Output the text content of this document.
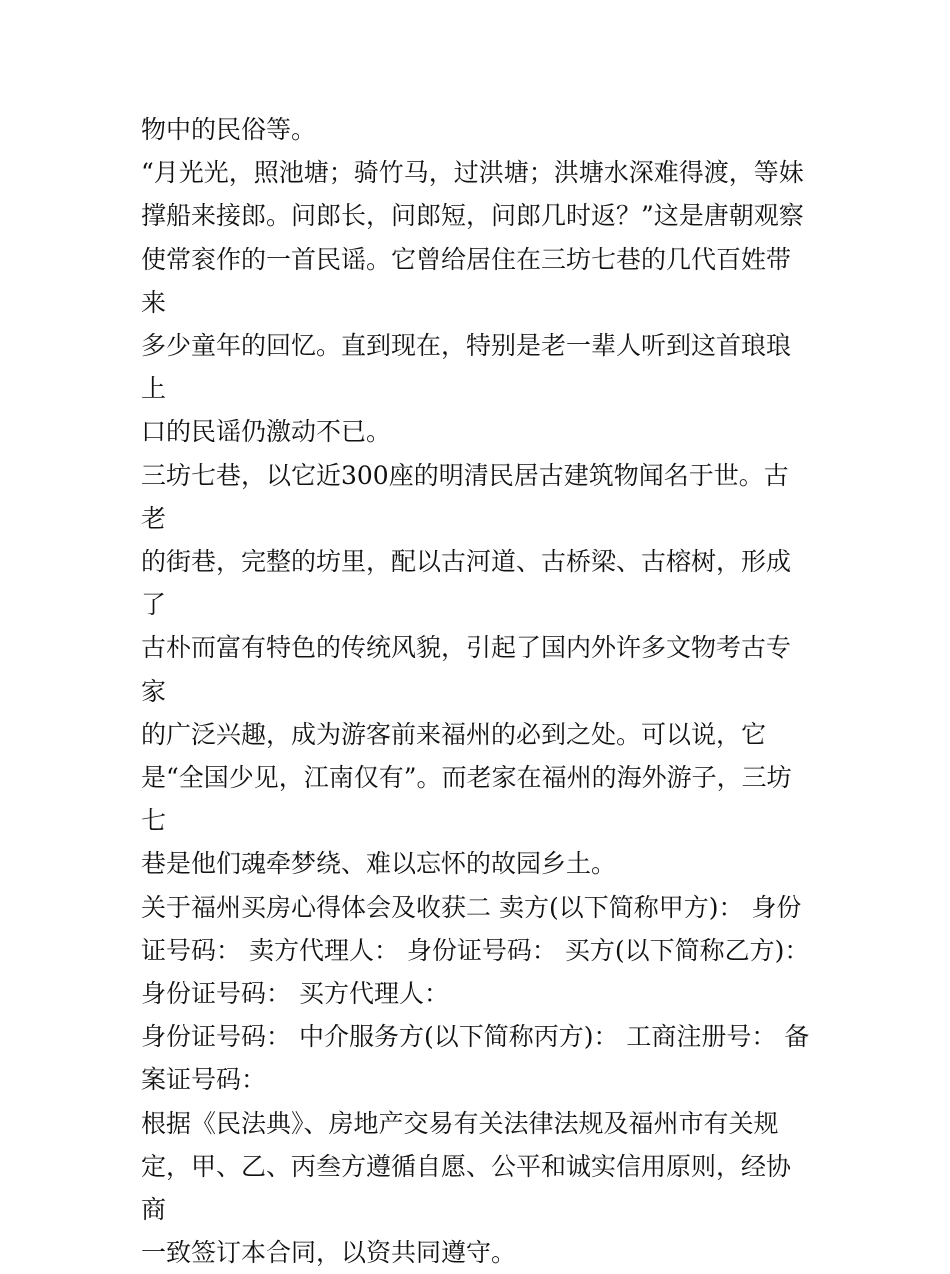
物中的民俗等。

“月光光，照池塘；骑竹马，过洪塘；洪塘水深难得渡，等妹
撑船来接郎。问郎长，问郎短，问郎几时返？”这是唐朝观察
使常衮作的一首民谣。它曾给居住在三坊七巷的几代百姓带来
多少童年的回忆。直到现在，特别是老一辈人听到这首琅琅上
口的民谣仍激动不已。

三坊七巷，以它近300座的明清民居古建筑物闻名于世。古老
的街巷，完整的坊里，配以古河道、古桥梁、古榕树，形成了
古朴而富有特色的传统风貌，引起了国内外许多文物考古专家
的广泛兴趣，成为游客前来福州的必到之处。可以说，它
是“全国少见，江南仅有”。而老家在福州的海外游子，三坊七
巷是他们魂牵梦绕、难以忘怀的故园乡土。

关于福州买房心得体会及收获二 卖方(以下简称甲方)： 身份
证号码： 卖方代理人： 身份证号码： 买方(以下简称乙方)：
身份证号码： 买方代理人：

身份证号码： 中介服务方(以下简称丙方)： 工商注册号： 备
案证号码：

根据《民法典》、房地产交易有关法律法规及福州市有关规
定，甲、乙、丙叁方遵循自愿、公平和诚实信用原则，经协商
一致签订本合同，以资共同遵守。
